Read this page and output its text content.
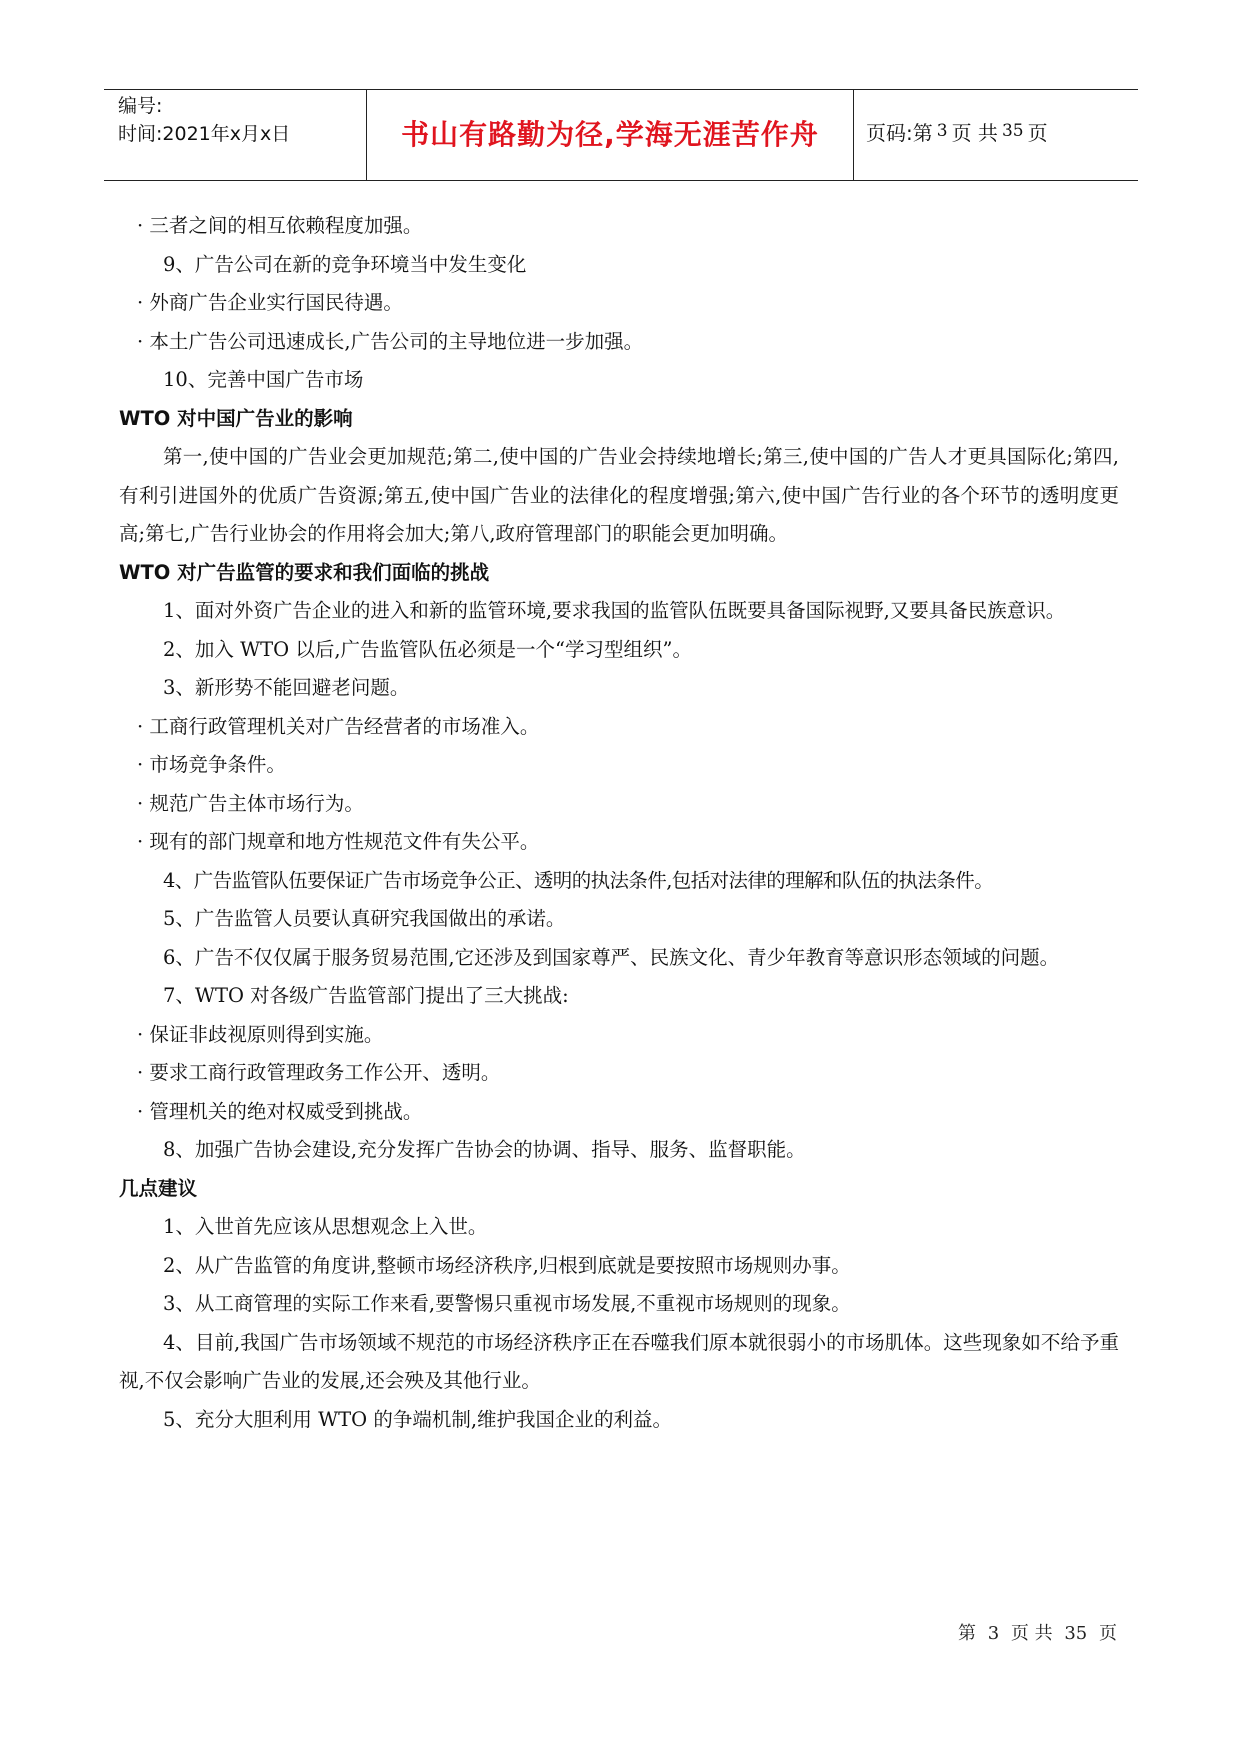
编号:
时间:2021年x月x日	书山有路勤为径,学海无涯苦作舟 页码:第 3 页 共 35 页

· 三者之间的相互依赖程度加强。

9、广告公司在新的竞争环境当中发生变化

· 外商广告企业实行国民待遇。

· 本土广告公司迅速成长,广告公司的主导地位进一步加强。

10、完善中国广告市场

WTO 对中国广告业的影响

第一,使中国的广告业会更加规范;第二,使中国的广告业会持续地增长;第三,使中国的广告人才更具国际化;第四,有利引进国外的优质广告资源;第五,使中国广告业的法律化的程度增强;第六,使中国广告行业的各个环节的透明度更高;第七,广告行业协会的作用将会加大;第八,政府管理部门的职能会更加明确。

WTO 对广告监管的要求和我们面临的挑战

1、面对外资广告企业的进入和新的监管环境,要求我国的监管队伍既要具备国际视野,又要具备民族意识。

2、加入 WTO 以后,广告监管队伍必须是一个“学习型组织”。

3、新形势不能回避老问题。

· 工商行政管理机关对广告经营者的市场准入。

· 市场竞争条件。

· 规范广告主体市场行为。

· 现有的部门规章和地方性规范文件有失公平。

4、广告监管队伍要保证广告市场竞争公正、透明的执法条件,包括对法律的理解和队伍的执法条件。

5、广告监管人员要认真研究我国做出的承诺。

6、广告不仅仅属于服务贸易范围,它还涉及到国家尊严、民族文化、青少年教育等意识形态领域的问题。

7、WTO 对各级广告监管部门提出了三大挑战:

· 保证非歧视原则得到实施。

· 要求工商行政管理政务工作公开、透明。

· 管理机关的绝对权威受到挑战。

8、加强广告协会建设,充分发挥广告协会的协调、指导、服务、监督职能。

几点建议

1、入世首先应该从思想观念上入世。

2、从广告监管的角度讲,整顿市场经济秩序,归根到底就是要按照市场规则办事。

3、从工商管理的实际工作来看,要警惕只重视市场发展,不重视市场规则的现象。

4、目前,我国广告市场领域不规范的市场经济秩序正在吞噬我们原本就很弱小的市场肌体。这些现象如不给予重视,不仅会影响广告业的发展,还会殃及其他行业。

5、充分大胆利用 WTO 的争端机制,维护我国企业的利益。

第 3 页 共 35 页
